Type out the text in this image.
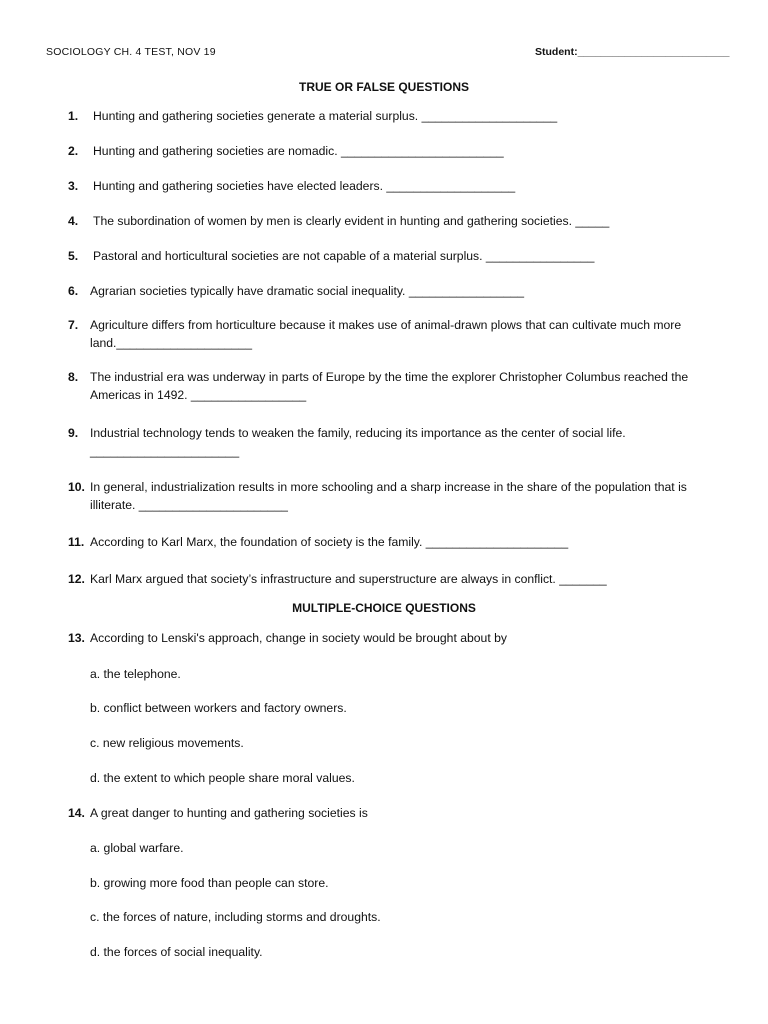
SOCIOLOGY CH. 4 TEST, NOV 19	Student:__________________________
TRUE OR FALSE QUESTIONS
1.	Hunting and gathering societies generate a material surplus. ____________________
2.	Hunting and gathering societies are nomadic. ________________________
3.	Hunting and gathering societies have elected leaders. ___________________
4.	The subordination of women by men is clearly evident in hunting and gathering societies. _____
5.	Pastoral and horticultural societies are not capable of a material surplus. ________________
6. Agrarian societies typically have dramatic social inequality. _________________
7. Agriculture differs from horticulture because it makes use of animal-drawn plows that can cultivate much more land.____________________
8. The industrial era was underway in parts of Europe by the time the explorer Christopher Columbus reached the Americas in 1492. _________________
9. Industrial technology tends to weaken the family, reducing its importance as the center of social life. ______________________
10. In general, industrialization results in more schooling and a sharp increase in the share of the population that is illiterate. ______________________
11. According to Karl Marx, the foundation of society is the family. _____________________
12. Karl Marx argued that society’s infrastructure and superstructure are always in conflict. _______
MULTIPLE-CHOICE QUESTIONS
13. According to Lenski's approach, change in society would be brought about by
a. the telephone.
b. conflict between workers and factory owners.
c. new religious movements.
d. the extent to which people share moral values.
14. A great danger to hunting and gathering societies is
a. global warfare.
b. growing more food than people can store.
c. the forces of nature, including storms and droughts.
d. the forces of social inequality.
